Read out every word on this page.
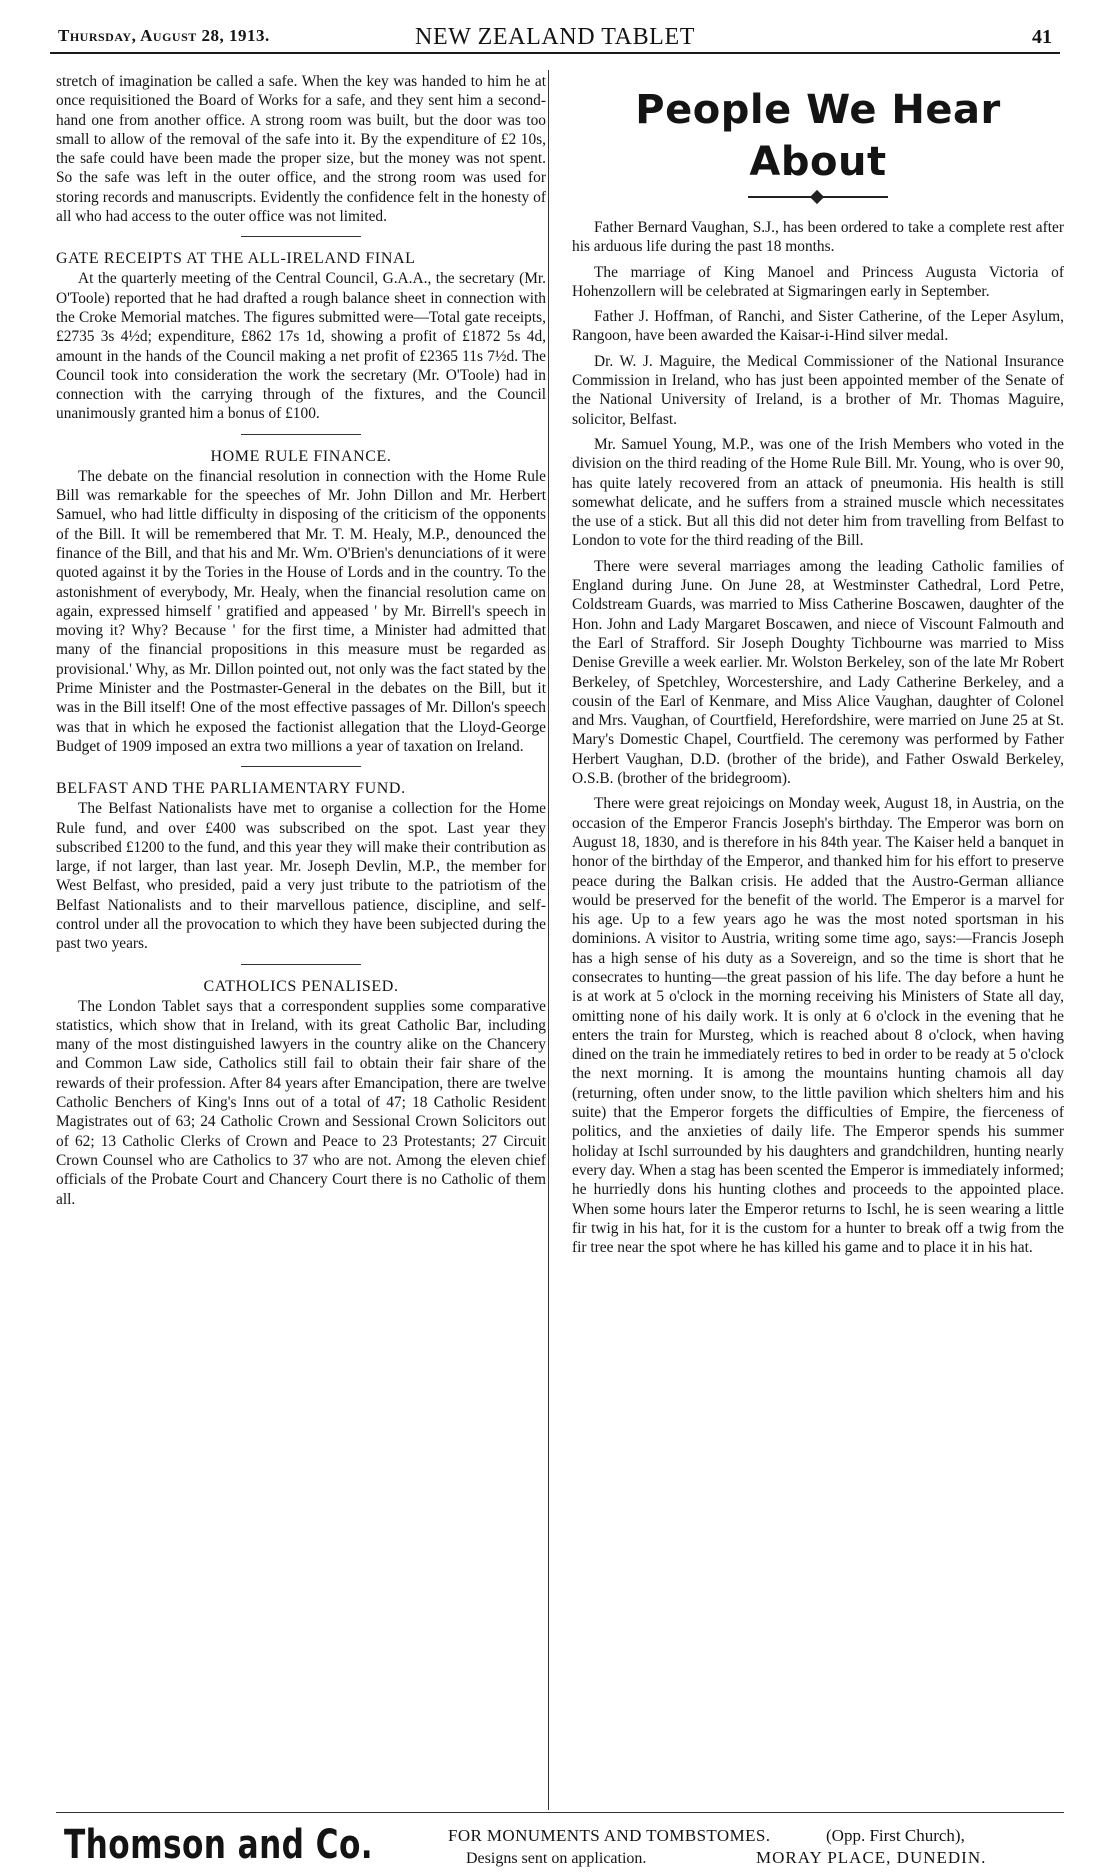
Thursday, August 28, 1913.	NEW ZEALAND TABLET	41

stretch of imagination be called a safe. When the key was handed to him he at once requisitioned the Board of Works for a safe, and they sent him a second-hand one from another office. A strong room was built, but the door was too small to allow of the removal of the safe into it. By the expenditure of £2 10s, the safe could have been made the proper size, but the money was not spent. So the safe was left in the outer office, and the strong room was used for storing records and manuscripts. Evidently the confidence felt in the honesty of all who had access to the outer office was not limited.

GATE RECEIPTS AT THE ALL-IRELAND FINAL

At the quarterly meeting of the Central Council, G.A.A., the secretary (Mr. O'Toole) reported that he had drafted a rough balance sheet in connection with the Croke Memorial matches. The figures submitted were—Total gate receipts, £2735 3s 4½d; expenditure, £862 17s 1d, showing a profit of £1872 5s 4d, amount in the hands of the Council making a net profit of £2365 11s 7½d. The Council took into consideration the work the secretary (Mr. O'Toole) had in connection with the carrying through of the fixtures, and the Council unanimously granted him a bonus of £100.

HOME RULE FINANCE.

The debate on the financial resolution in connection with the Home Rule Bill was remarkable for the speeches of Mr. John Dillon and Mr. Herbert Samuel, who had little difficulty in disposing of the criticism of the opponents of the Bill. It will be remembered that Mr. T. M. Healy, M.P., denounced the finance of the Bill, and that his and Mr. Wm. O'Brien's denunciations of it were quoted against it by the Tories in the House of Lords and in the country. To the astonishment of everybody, Mr. Healy, when the financial resolution came on again, expressed himself ' gratified and appeased ' by Mr. Birrell's speech in moving it? Why? Because ' for the first time, a Minister had admitted that many of the financial propositions in this measure must be regarded as provisional.' Why, as Mr. Dillon pointed out, not only was the fact stated by the Prime Minister and the Postmaster-General in the debates on the Bill, but it was in the Bill itself! One of the most effective passages of Mr. Dillon's speech was that in which he exposed the factionist allegation that the Lloyd-George Budget of 1909 imposed an extra two millions a year of taxation on Ireland.

BELFAST AND THE PARLIAMENTARY FUND.

The Belfast Nationalists have met to organise a collection for the Home Rule fund, and over £400 was subscribed on the spot. Last year they subscribed £1200 to the fund, and this year they will make their contribution as large, if not larger, than last year. Mr. Joseph Devlin, M.P., the member for West Belfast, who presided, paid a very just tribute to the patriotism of the Belfast Nationalists and to their marvellous patience, discipline, and self-control under all the provocation to which they have been subjected during the past two years.

CATHOLICS PENALISED.

The London Tablet says that a correspondent supplies some comparative statistics, which show that in Ireland, with its great Catholic Bar, including many of the most distinguished lawyers in the country alike on the Chancery and Common Law side, Catholics still fail to obtain their fair share of the rewards of their profession. After 84 years after Emancipation, there are twelve Catholic Benchers of King's Inns out of a total of 47; 18 Catholic Resident Magistrates out of 63; 24 Catholic Crown and Sessional Crown Solicitors out of 62; 13 Catholic Clerks of Crown and Peace to 23 Protestants; 27 Circuit Crown Counsel who are Catholics to 37 who are not. Among the eleven chief officials of the Probate Court and Chancery Court there is no Catholic of them all.

People We Hear About

Father Bernard Vaughan, S.J., has been ordered to take a complete rest after his arduous life during the past 18 months.

The marriage of King Manoel and Princess Augusta Victoria of Hohenzollern will be celebrated at Sigmaringen early in September.

Father J. Hoffman, of Ranchi, and Sister Catherine, of the Leper Asylum, Rangoon, have been awarded the Kaisar-i-Hind silver medal.

Dr. W. J. Maguire, the Medical Commissioner of the National Insurance Commission in Ireland, who has just been appointed member of the Senate of the National University of Ireland, is a brother of Mr. Thomas Maguire, solicitor, Belfast.

Mr. Samuel Young, M.P., was one of the Irish Members who voted in the division on the third reading of the Home Rule Bill. Mr. Young, who is over 90, has quite lately recovered from an attack of pneumonia. His health is still somewhat delicate, and he suffers from a strained muscle which necessitates the use of a stick. But all this did not deter him from travelling from Belfast to London to vote for the third reading of the Bill.

There were several marriages among the leading Catholic families of England during June. On June 28, at Westminster Cathedral, Lord Petre, Coldstream Guards, was married to Miss Catherine Boscawen, daughter of the Hon. John and Lady Margaret Boscawen, and niece of Viscount Falmouth and the Earl of Strafford. Sir Joseph Doughty Tichbourne was married to Miss Denise Greville a week earlier. Mr. Wolston Berkeley, son of the late Mr Robert Berkeley, of Spetchley, Worcestershire, and Lady Catherine Berkeley, and a cousin of the Earl of Kenmare, and Miss Alice Vaughan, daughter of Colonel and Mrs. Vaughan, of Courtfield, Herefordshire, were married on June 25 at St. Mary's Domestic Chapel, Courtfield. The ceremony was performed by Father Herbert Vaughan, D.D. (brother of the bride), and Father Oswald Berkeley, O.S.B. (brother of the bridegroom).

There were great rejoicings on Monday week, August 18, in Austria, on the occasion of the Emperor Francis Joseph's birthday. The Emperor was born on August 18, 1830, and is therefore in his 84th year. The Kaiser held a banquet in honor of the birthday of the Emperor, and thanked him for his effort to preserve peace during the Balkan crisis. He added that the Austro-German alliance would be preserved for the benefit of the world. The Emperor is a marvel for his age. Up to a few years ago he was the most noted sportsman in his dominions. A visitor to Austria, writing some time ago, says:—Francis Joseph has a high sense of his duty as a Sovereign, and so the time is short that he consecrates to hunting—the great passion of his life. The day before a hunt he is at work at 5 o'clock in the morning receiving his Ministers of State all day, omitting none of his daily work. It is only at 6 o'clock in the evening that he enters the train for Mursteg, which is reached about 8 o'clock, when having dined on the train he immediately retires to bed in order to be ready at 5 o'clock the next morning. It is among the mountains hunting chamois all day (returning, often under snow, to the little pavilion which shelters him and his suite) that the Emperor forgets the difficulties of Empire, the fierceness of politics, and the anxieties of daily life. The Emperor spends his summer holiday at Ischl surrounded by his daughters and grandchildren, hunting nearly every day. When a stag has been scented the Emperor is immediately informed; he hurriedly dons his hunting clothes and proceeds to the appointed place. When some hours later the Emperor returns to Ischl, he is seen wearing a little fir twig in his hat, for it is the custom for a hunter to break off a twig from the fir tree near the spot where he has killed his game and to place it in his hat.

Thomson and Co.	FOR MONUMENTS AND TOMBSTOMES.	(Opp. First Church),
Designs sent on application.	MORAY PLACE, DUNEDIN.
